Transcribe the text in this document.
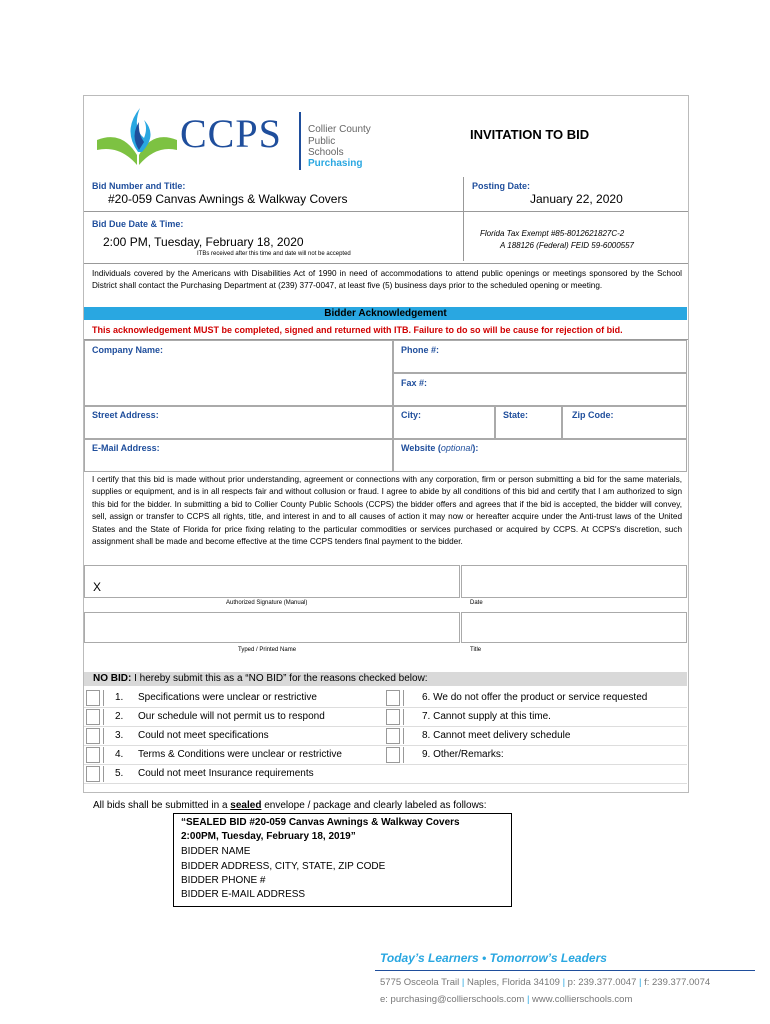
CCPS	Collier County
Public Schools
Purchasing
INVITATION TO BID
Bid Number and Title:
#20-059 Canvas Awnings & Walkway Covers
Posting Date:
January 22, 2020
Bid Due Date & Time:
2:00 PM, Tuesday, February 18, 2020
ITBs received after this time and date will not be accepted
Florida Tax Exempt #85-8012621827C-2
A 188126 (Federal) FEID 59-6000557
Individuals covered by the Americans with Disabilities Act of 1990 in need of accommodations to attend public openings or meetings sponsored by the School District shall contact the Purchasing Department at (239) 377-0047, at least five (5) business days prior to the scheduled opening or meeting.
Bidder Acknowledgement
This acknowledgement MUST be completed, signed and returned with ITB. Failure to do so will be cause for rejection of bid.
Company Name:	Phone #:
Fax #:
Street Address:	City:	State:	Zip Code:
E-Mail Address:	Website (optional):
I certify that this bid is made without prior understanding, agreement or connections with any corporation, firm or person submitting a bid for the same materials, supplies or equipment, and is in all respects fair and without collusion or fraud. I agree to abide by all conditions of this bid and certify that I am authorized to sign this bid for the bidder. In submitting a bid to Collier County Public Schools (CCPS) the bidder offers and agrees that if the bid is accepted, the bidder will convey, sell, assign or transfer to CCPS all rights, title, and interest in and to all causes of action it may now or hereafter acquire under the Anti-trust laws of the United States and the State of Florida for price fixing relating to the particular commodities or services purchased or acquired by CCPS. At CCPS's discretion, such assignment shall be made and become effective at the time CCPS tenders final payment to the bidder.
X
Authorized Signature (Manual)	Date
Typed / Printed Name	Title
NO BID: I hereby submit this as a “NO BID” for the reasons checked below:
1. Specifications were unclear or restrictive
2. Our schedule will not permit us to respond
3. Could not meet specifications
4. Terms & Conditions were unclear or restrictive
5. Could not meet Insurance requirements
6. We do not offer the product or service requested
7. Cannot supply at this time.
8. Cannot meet delivery schedule
9. Other/Remarks:
All bids shall be submitted in a sealed envelope / package and clearly labeled as follows:
“SEALED BID #20-059 Canvas Awnings & Walkway Covers
2:00PM, Tuesday, February 18, 2019”
BIDDER NAME
BIDDER ADDRESS, CITY, STATE, ZIP CODE
BIDDER PHONE #
BIDDER E-MAIL ADDRESS
Today’s Learners • Tomorrow’s Leaders
5775 Osceola Trail | Naples, Florida 34109 | p: 239.377.0047 | f: 239.377.0074
e: purchasing@collierschools.com | www.collierschools.com
